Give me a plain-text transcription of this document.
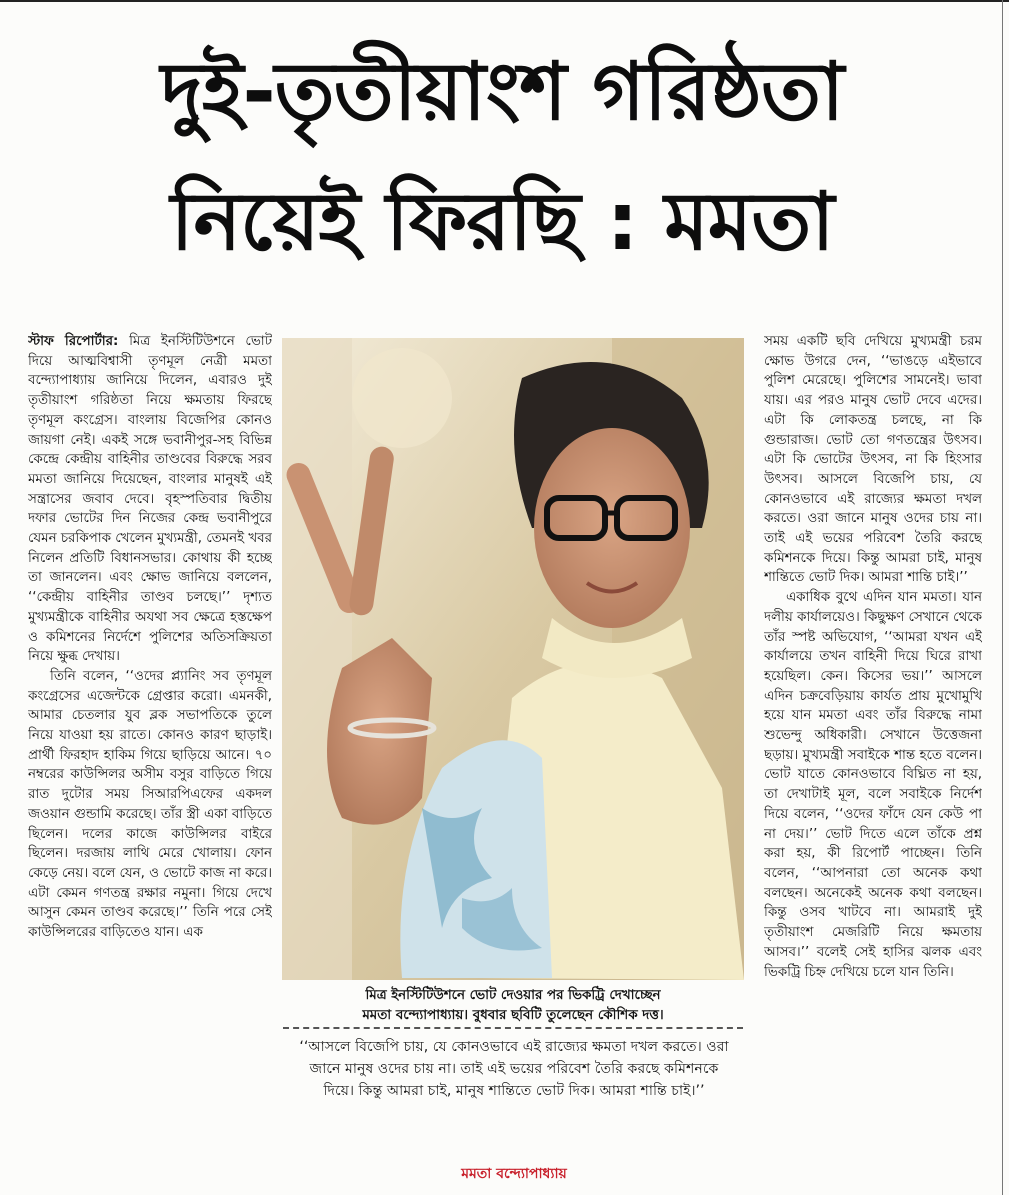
দুই-তৃতীয়াংশ গরিষ্ঠতা
নিয়েই ফিরছি : মমতা

স্টাফ রিপোর্টার: মিত্র ইনস্টিটিউশনে ভোট দিয়ে আত্মবিশ্বাসী তৃণমূল নেত্রী মমতা বন্দ্যোপাধ্যায় জানিয়ে দিলেন, এবারও দুই তৃতীয়াংশ গরিষ্ঠতা নিয়ে ক্ষমতায় ফিরছে তৃণমূল কংগ্রেস। বাংলায় বিজেপির কোনও জায়গা নেই। একই সঙ্গে ভবানীপুর-সহ বিভিন্ন কেন্দ্রে কেন্দ্রীয় বাহিনীর তাণ্ডবের বিরুদ্ধে সরব মমতা জানিয়ে দিয়েছেন, বাংলার মানুষই এই সন্ত্রাসের জবাব দেবে। বৃহস্পতিবার দ্বিতীয় দফার ভোটের দিন নিজের কেন্দ্র ভবানীপুরে যেমন চরকিপাক খেলেন মুখ্যমন্ত্রী, তেমনই খবর নিলেন প্রতিটি বিধানসভার। কোথায় কী হচ্ছে তা জানলেন। এবং ক্ষোভ জানিয়ে বললেন, ‘‘কেন্দ্রীয় বাহিনীর তাণ্ডব চলছে।’’ দৃশ্যত মুখ্যমন্ত্রীকে বাহিনীর অযথা সব ক্ষেত্রে হস্তক্ষেপ ও কমিশনের নির্দেশে পুলিশের অতিসক্রিয়তা নিয়ে ক্ষুব্ধ দেখায়।

তিনি বলেন, ‘‘ওদের প্ল্যানিং সব তৃণমূল কংগ্রেসের এজেন্টকে গ্রেপ্তার করো। এমনকী, আমার চেতলার যুব ব্লক সভাপতিকে তুলে নিয়ে যাওয়া হয় রাতে। কোনও কারণ ছাড়াই। প্রার্থী ফিরহাদ হাকিম গিয়ে ছাড়িয়ে আনে। ৭০ নম্বরের কাউন্সিলর অসীম বসুর বাড়িতে গিয়ে রাত দুটোর সময় সিআরপিএফের একদল জওয়ান গুন্ডামি করেছে। তাঁর স্ত্রী একা বাড়িতে ছিলেন। দলের কাজে কাউন্সিলর বাইরে ছিলেন। দরজায় লাথি মেরে খোলায়। ফোন কেড়ে নেয়। বলে যেন, ও ভোটে কাজ না করে। এটা কেমন গণতন্ত্র রক্ষার নমুনা। গিয়ে দেখে আসুন কেমন তাণ্ডব করেছে।’’ তিনি পরে সেই কাউন্সিলরের বাড়িতেও যান। এক

মিত্র ইনস্টিটিউশনে ভোট দেওয়ার পর ভিকট্রি দেখাচ্ছেন
মমতা বন্দ্যোপাধ্যায়। বুধবার ছবিটি তুলেছেন কৌশিক দত্ত।
‘‘আসলে বিজেপি চায়, যে কোনওভাবে এই রাজ্যের ক্ষমতা দখল করতে। ওরা জানে মানুষ ওদের চায় না। তাই এই ভয়ের পরিবেশ তৈরি করছে কমিশনকে দিয়ে। কিন্তু আমরা চাই, মানুষ শান্তিতে ভোট দিক। আমরা শান্তি চাই।’’
মমতা বন্দ্যোপাধ্যায়

সময় একটি ছবি দেখিয়ে মুখ্যমন্ত্রী চরম ক্ষোভ উগরে দেন, ‘‘ভাঙড়ে এইভাবে পুলিশ মেরেছে। পুলিশের সামনেই। ভাবা যায়। এর পরও মানুষ ভোট দেবে এদের। এটা কি লোকতন্ত্র চলছে, না কি গুন্ডারাজ। ভোট তো গণতন্ত্রের উৎসব। এটা কি ভোটের উৎসব, না কি হিংসার উৎসব। আসলে বিজেপি চায়, যে কোনওভাবে এই রাজ্যের ক্ষমতা দখল করতে। ওরা জানে মানুষ ওদের চায় না। তাই এই ভয়ের পরিবেশ তৈরি করছে কমিশনকে দিয়ে। কিন্তু আমরা চাই, মানুষ শান্তিতে ভোট দিক। আমরা শান্তি চাই।’’

একাধিক বুথে এদিন যান মমতা। যান দলীয় কার্যালয়েও। কিছুক্ষণ সেখানে থেকে তাঁর স্পষ্ট অভিযোগ, ‘‘আমরা যখন এই কার্যালয়ে তখন বাহিনী দিয়ে ঘিরে রাখা হয়েছিল। কেন। কিসের ভয়।’’ আসলে এদিন চক্রবেড়িয়ায় কার্যত প্রায় মুখোমুখি হয়ে যান মমতা এবং তাঁর বিরুদ্ধে নামা শুভেন্দু অধিকারী। সেখানে উত্তেজনা ছড়ায়। মুখ্যমন্ত্রী সবাইকে শান্ত হতে বলেন। ভোট যাতে কোনওভাবে বিঘ্নিত না হয়, তা দেখাটাই মূল, বলে সবাইকে নির্দেশ দিয়ে বলেন, ‘‘ওদের ফাঁদে যেন কেউ পা না দেয়।’’ ভোট দিতে এলে তাঁকে প্রশ্ন করা হয়, কী রিপোর্ট পাচ্ছেন। তিনি বলেন, ‘‘আপনারা তো অনেক কথা বলছেন। অনেকেই অনেক কথা বলছেন। কিন্তু ওসব খাটবে না। আমরাই দুই তৃতীয়াংশ মেজরিটি নিয়ে ক্ষমতায় আসব।’’ বলেই সেই হাসির ঝলক এবং ভিকট্রি চিহ্ন দেখিয়ে চলে যান তিনি।
